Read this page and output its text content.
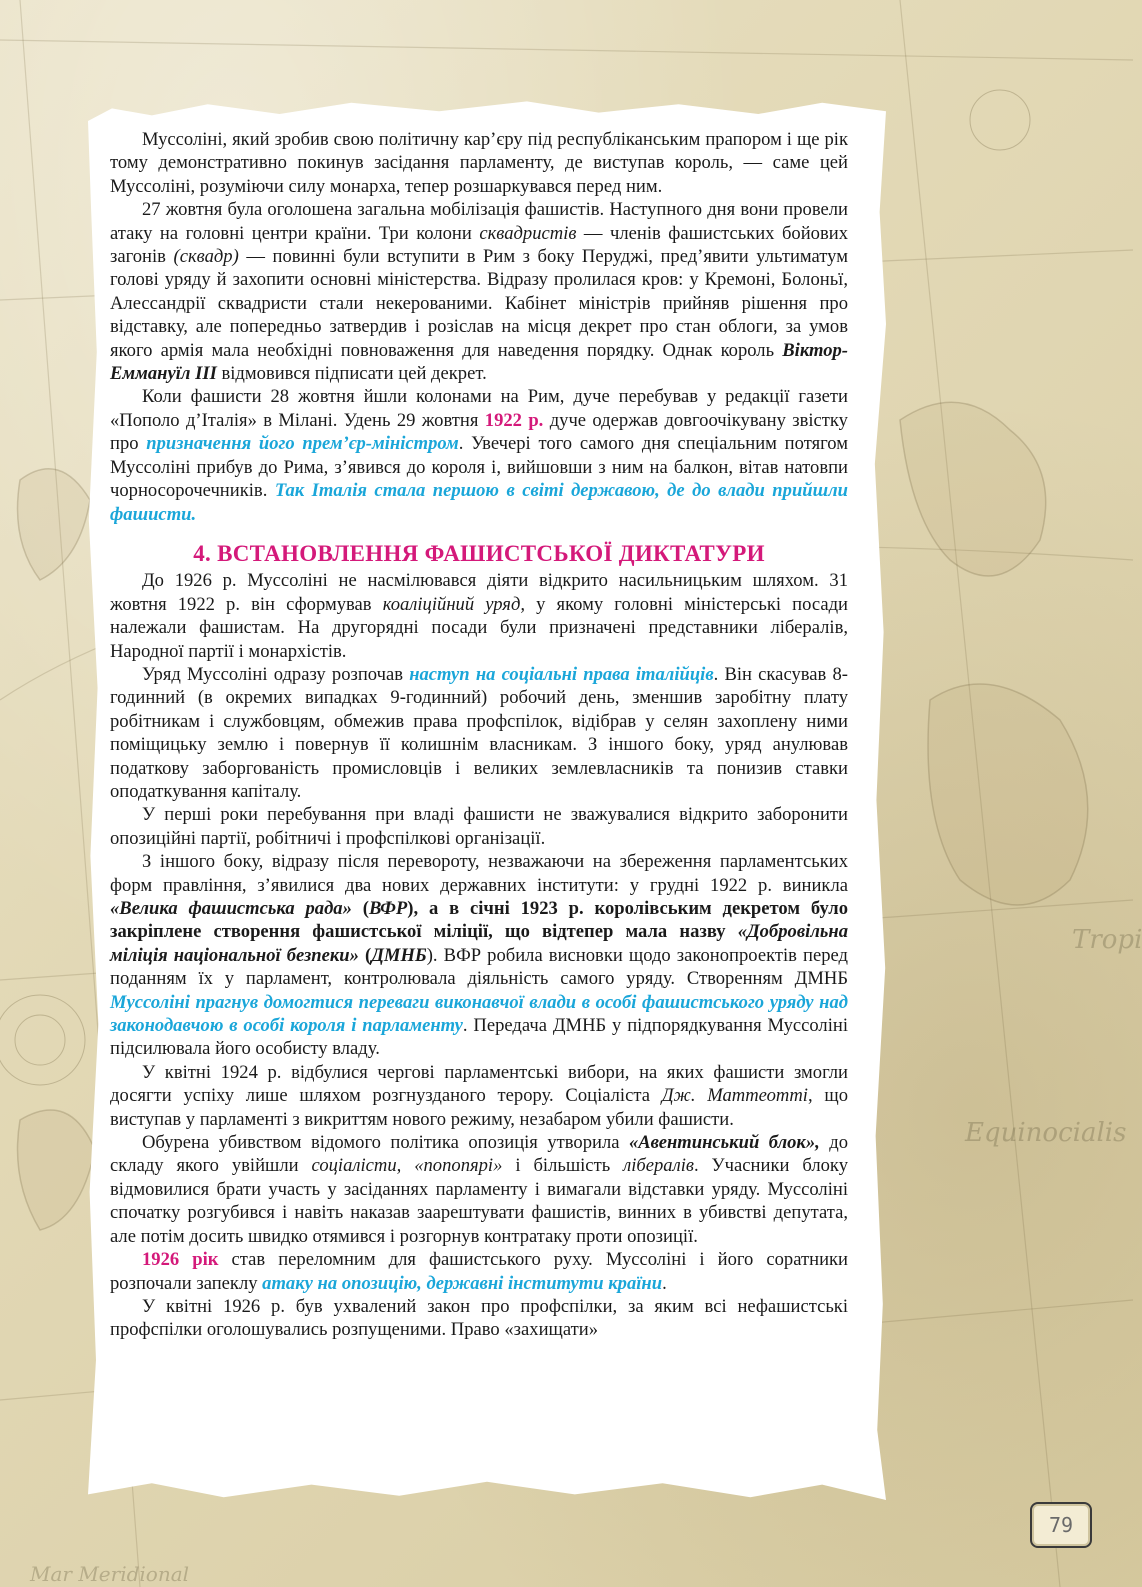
Tropi
Equinocialis
Mar Meridional

Муссоліні, який зробив свою політичну кар’єру під республіканським прапором і ще рік тому демонстративно покинув засідання парламенту, де виступав король, — саме цей Муссоліні, розуміючи силу монарха, тепер розшаркувався перед ним.

27 жовтня була оголошена загальна мобілізація фашистів. Наступного дня вони провели атаку на головні центри країни. Три колони сквадристів — членів фашистських бойових загонів (сквадр) — повинні були вступити в Рим з боку Перуджі, пред’явити ультиматум голові уряду й захопити основні міністерства. Відразу пролилася кров: у Кремоні, Болоньї, Алессандрії сквадристи стали некерованими. Кабінет міністрів прийняв рішення про відставку, але попередньо затвердив і розіслав на місця декрет про стан облоги, за умов якого армія мала необхідні повноваження для наведення порядку. Однак король Віктор-Еммануїл ІІІ відмовився підписати цей декрет.

Коли фашисти 28 жовтня йшли колонами на Рим, дуче перебував у редакції газети «Пополо д’Італія» в Мілані. Удень 29 жовтня 1922 р. дуче одержав довгоочікувану звістку про призначення його прем’єр-міністром. Увечері того самого дня спеціальним потягом Муссоліні прибув до Рима, з’явився до короля і, вийшовши з ним на балкон, вітав натовпи чорносорочечників. Так Італія стала першою в світі державою, де до влади прийшли фашисти.

4. ВСТАНОВЛЕННЯ ФАШИСТСЬКОЇ ДИКТАТУРИ

До 1926 р. Муссоліні не насмілювався діяти відкрито насильницьким шляхом. 31 жовтня 1922 р. він сформував коаліційний уряд, у якому головні міністерські посади належали фашистам. На другорядні посади були призначені представники лібералів, Народної партії і монархістів.

Уряд Муссоліні одразу розпочав наступ на соціальні права італійців. Він скасував 8-годинний (в окремих випадках 9-годинний) робочий день, зменшив заробітну плату робітникам і службовцям, обмежив права профспілок, відібрав у селян захоплену ними поміщицьку землю і повернув її колишнім власникам. З іншого боку, уряд анулював податкову заборгованість промисловців і великих землевласників та понизив ставки оподаткування капіталу.

У перші роки перебування при владі фашисти не зважувалися відкрито заборонити опозиційні партії, робітничі і профспілкові організації.

З іншого боку, відразу після перевороту, незважаючи на збереження парламентських форм правління, з’явилися два нових державних інститути: у грудні 1922 р. виникла «Велика фашистська рада» (ВФР), а в січні 1923 р. королівським декретом було закріплене створення фашистської міліції, що відтепер мала назву «Добровільна міліція національної безпеки» (ДМНБ). ВФР робила висновки щодо законопроектів перед поданням їх у парламент, контролювала діяльність самого уряду. Створенням ДМНБ Муссоліні прагнув домогтися переваги виконавчої влади в особі фашистського уряду над законодавчою в особі короля і парламенту. Передача ДМНБ у підпорядкування Муссоліні підсилювала його особисту владу.

У квітні 1924 р. відбулися чергові парламентські вибори, на яких фашисти змогли досягти успіху лише шляхом розгнузданого терору. Соціаліста Дж. Маттеотті, що виступав у парламенті з викриттям нового режиму, незабаром убили фашисти.

Обурена убивством відомого політика опозиція утворила «Авентинський блок», до складу якого увійшли соціалісти, «попопярі» і більшість лібералів. Учасники блоку відмовилися брати участь у засіданнях парламенту і вимагали відставки уряду. Муссоліні спочатку розгубився і навіть наказав заарештувати фашистів, винних в убивстві депутата, але потім досить швидко отямився і розгорнув контратаку проти опозиції.

1926 рік став переломним для фашистського руху. Муссоліні і його соратники розпочали запеклу атаку на опозицію, державні інститути країни.

У квітні 1926 р. був ухвалений закон про профспілки, за яким всі нефашистські профспілки оголошувались розпущеними. Право «захищати»

79
